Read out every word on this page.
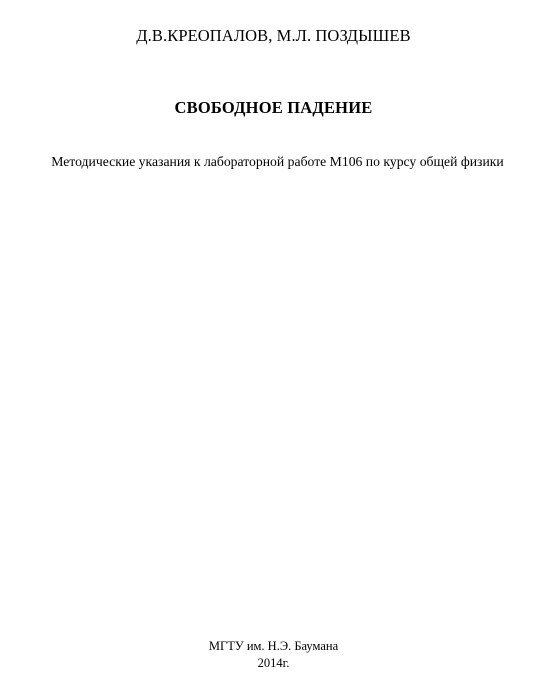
Д.В.КРЕОПАЛОВ, М.Л. ПОЗДЫШЕВ
СВОБОДНОЕ ПАДЕНИЕ
Методические указания к лабораторной работе М106 по курсу общей физики
МГТУ им. Н.Э. Баумана
2014г.
